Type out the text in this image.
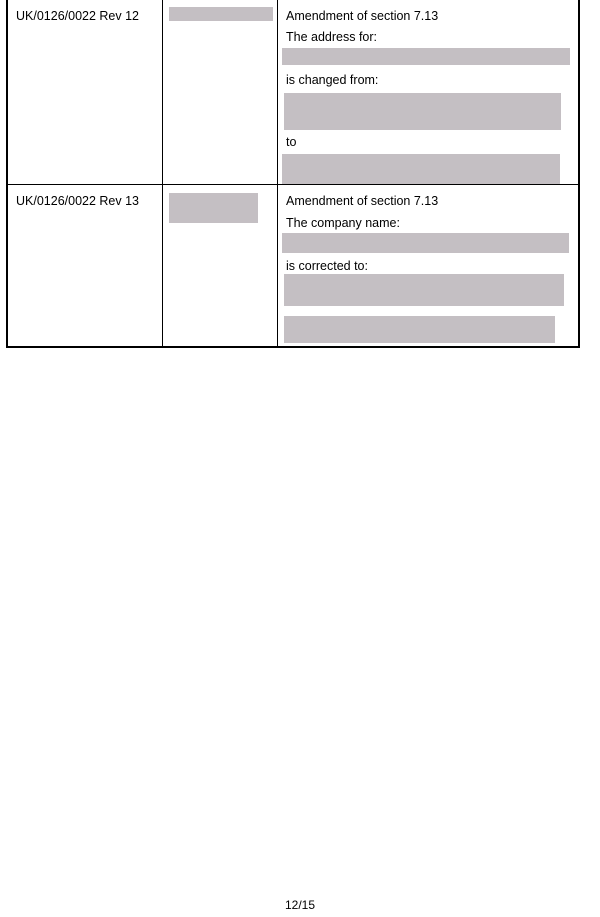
UK/0126/0022 Rev 12	Amendment of section 7.13
The address for:
is changed from:
to
UK/0126/0022 Rev 13	Amendment of section 7.13
The company name:
is corrected to:
12/15
